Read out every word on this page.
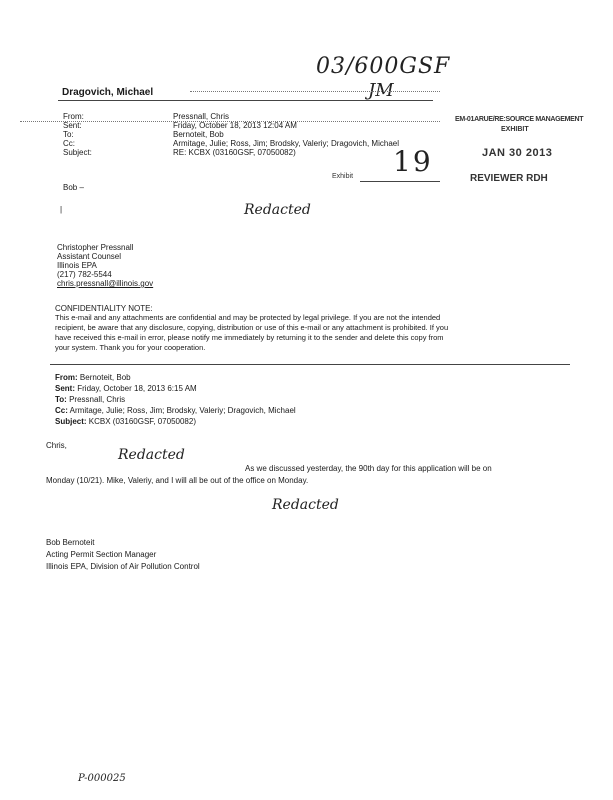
03/600GSF
JM
Dragovich, Michael
From:	Pressnall, Chris
Sent:	Friday, October 18, 2013 12:04 AM
To:	Bernoteit, Bob
Cc:	Armitage, Julie; Ross, Jim; Brodsky, Valeriy; Dragovich, Michael
Subject:	RE: KCBX (03160GSF, 07050082)
EM-01ARUE/RE:SOURCE MANAGEMENT
EXHIBIT
JAN 30 2013
Exhibit 19
REVIEWER RDH
Bob –
|	Redacted
Christopher Pressnall
Assistant Counsel
Illinois EPA
(217) 782-5544
chris.pressnall@illinois.gov
CONFIDENTIALITY NOTE:
This e-mail and any attachments are confidential and may be protected by legal privilege. If you are not the intended
recipient, be aware that any disclosure, copying, distribution or use of this e-mail or any attachment is prohibited. If you
have received this e-mail in error, please notify me immediately by returning it to the sender and delete this copy from
your system. Thank you for your cooperation.
From: Bernoteit, Bob
Sent: Friday, October 18, 2013 6:15 AM
To: Pressnall, Chris
Cc: Armitage, Julie; Ross, Jim; Brodsky, Valeriy; Dragovich, Michael
Subject: KCBX (03160GSF, 07050082)
Chris,
Redacted
As we discussed yesterday, the 90th day for this application will be on
Monday (10/21). Mike, Valeriy, and I will all be out of the office on Monday.
Redacted
Bob Bernoteit
Acting Permit Section Manager
Illinois EPA, Division of Air Pollution Control
P-000025
